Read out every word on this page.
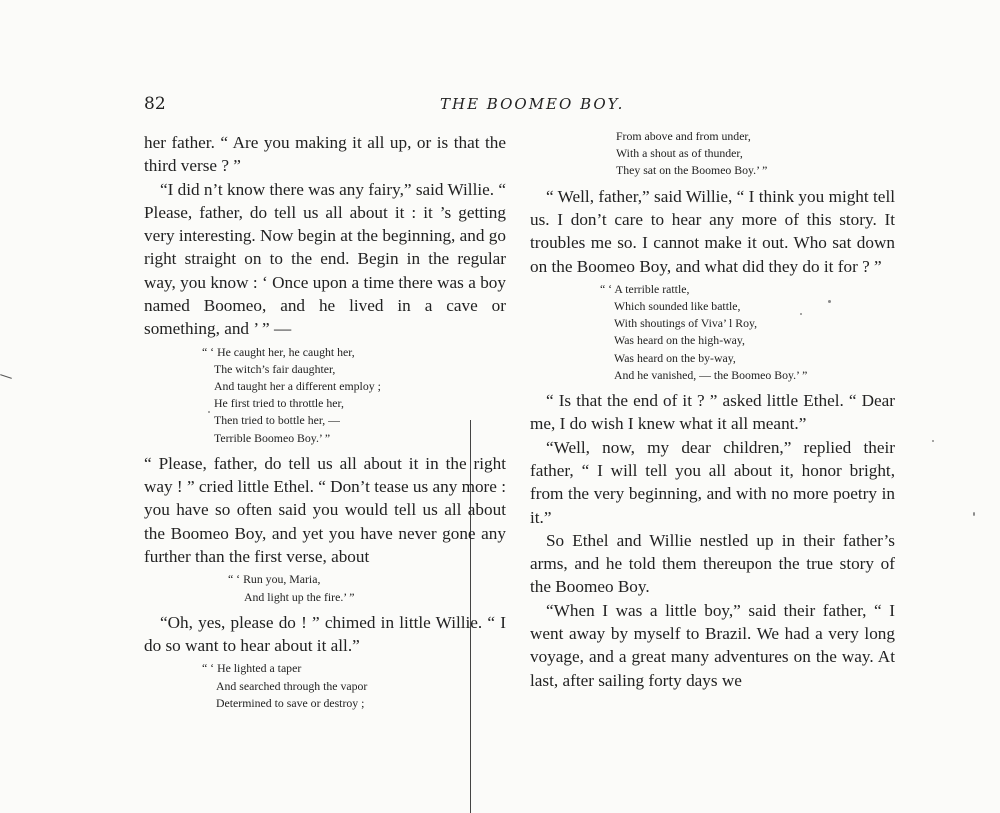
82	THE BOOMEO BOY.

her father. “ Are you making it all up, or is that the third verse ? ”

“I did n’t know there was any fairy,” said Willie. “ Please, father, do tell us all about it : it ’s getting very interesting. Now begin at the beginning, and go right straight on to the end. Begin in the regular way, you know : ‘ Once upon a time there was a boy named Boomeo, and he lived in a cave or something, and ’ ” —

“ ‘ He caught her, he caught her,
The witch’s fair daughter,
And taught her a different employ ;
He first tried to throttle her,
Then tried to bottle her, —
Terrible Boomeo Boy.’ ”

“ Please, father, do tell us all about it in the right way ! ” cried little Ethel. “ Don’t tease us any more : you have so often said you would tell us all about the Boomeo Boy, and yet you have never gone any further than the first verse, about

“ ‘ Run you, Maria,
And light up the fire.’ ”

“Oh, yes, please do ! ” chimed in little Willie. “ I do so want to hear about it all.”

“ ‘ He lighted a taper
And searched through the vapor
Determined to save or destroy ;
From above and from under,
With a shout as of thunder,
They sat on the Boomeo Boy.’ ”

“ Well, father,” said Willie, “ I think you might tell us. I don’t care to hear any more of this story. It troubles me so. I cannot make it out. Who sat down on the Boomeo Boy, and what did they do it for ? ”

“ ‘ A terrible rattle,
Which sounded like battle,
With shoutings of Viva’ l Roy,
Was heard on the high-way,
Was heard on the by-way,
And he vanished, — the Boomeo Boy.’ ”

“ Is that the end of it ? ” asked little Ethel. “ Dear me, I do wish I knew what it all meant.”

“Well, now, my dear children,” replied their father, “ I will tell you all about it, honor bright, from the very beginning, and with no more poetry in it.”

So Ethel and Willie nestled up in their father’s arms, and he told them thereupon the true story of the Boomeo Boy.

“When I was a little boy,” said their father, “ I went away by myself to Brazil. We had a very long voyage, and a great many adventures on the way. At last, after sailing forty days we
